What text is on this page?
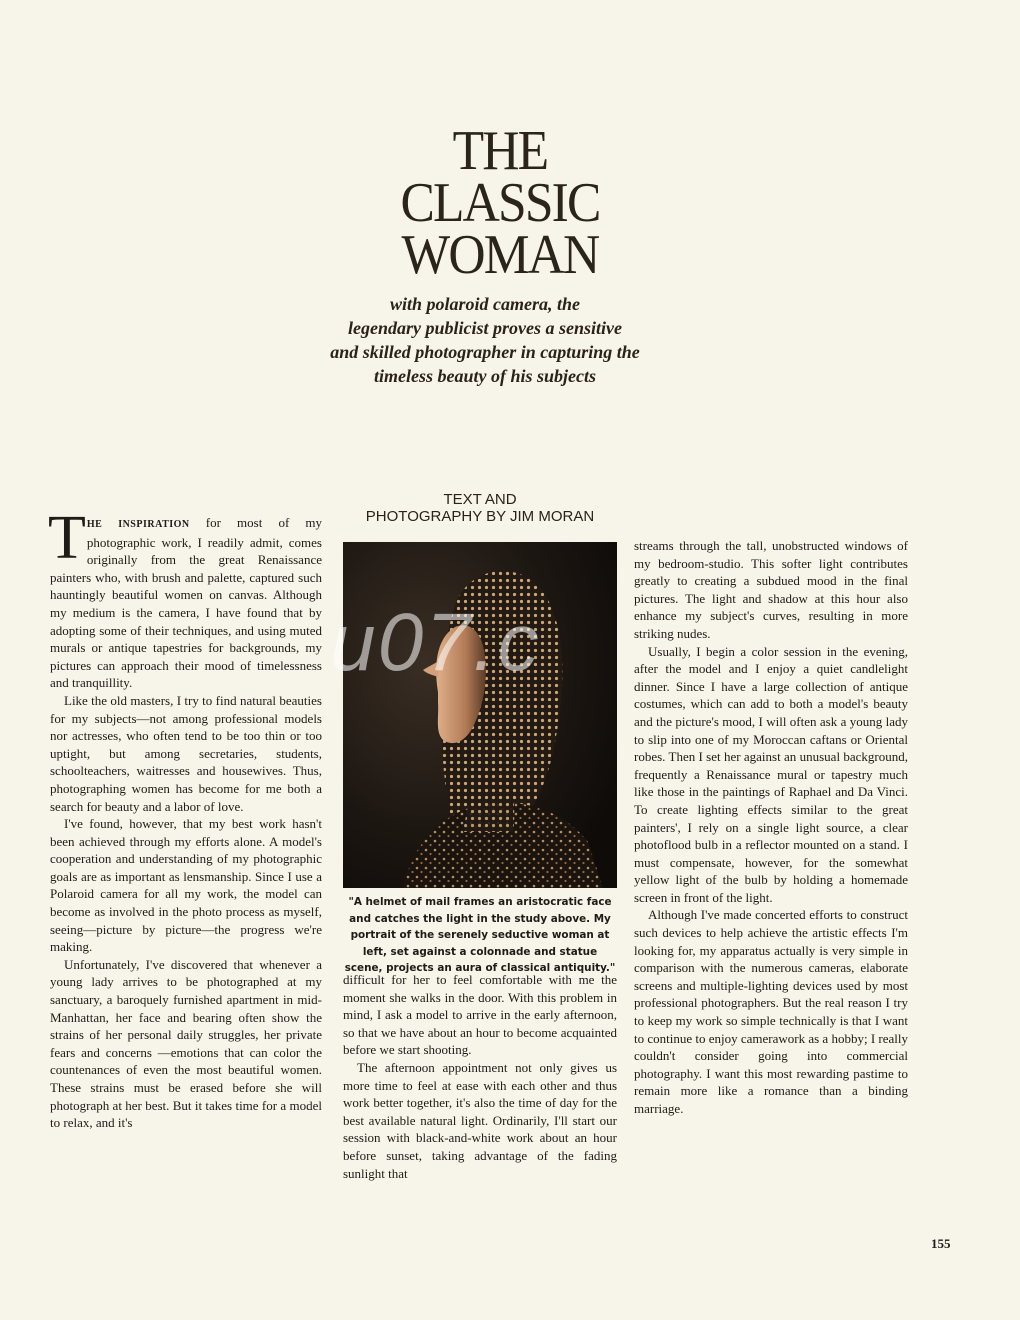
THE
CLASSIC
WOMAN
with polaroid camera, the
legendary publicist proves a sensitive
and skilled photographer in capturing the
timeless beauty of his subjects
TEXT AND
PHOTOGRAPHY BY JIM MORAN

THE INSPIRATION for most of my photographic work, I readily admit, comes originally from the great Renaissance painters who, with brush and palette, captured such hauntingly beautiful women on canvas. Although my medium is the camera, I have found that by adopting some of their techniques, and using muted murals or antique tapestries for backgrounds, my pictures can approach their mood of timelessness and tranquillity.

Like the old masters, I try to find natural beauties for my subjects—not among professional models nor actresses, who often tend to be too thin or too uptight, but among secretaries, students, schoolteachers, waitresses and housewives. Thus, photographing women has become for me both a search for beauty and a labor of love.

I've found, however, that my best work hasn't been achieved through my efforts alone. A model's cooperation and understanding of my photographic goals are as important as lensmanship. Since I use a Polaroid camera for all my work, the model can become as involved in the photo process as myself, seeing—picture by picture—the progress we're making.

Unfortunately, I've discovered that whenever a young lady arrives to be photographed at my sanctuary, a baroquely furnished apartment in mid-Manhattan, her face and bearing often show the strains of her personal daily struggles, her private fears and concerns —emotions that can color the countenances of even the most beautiful women. These strains must be erased before she will photograph at her best. But it takes time for a model to relax, and it's

u07.c
"A helmet of mail frames an aristocratic face and catches the light in the study above. My portrait of the serenely seductive woman at left, set against a colonnade and statue scene, projects an aura of classical antiquity."

difficult for her to feel comfortable with me the moment she walks in the door. With this problem in mind, I ask a model to arrive in the early afternoon, so that we have about an hour to become acquainted before we start shooting.

The afternoon appointment not only gives us more time to feel at ease with each other and thus work better together, it's also the time of day for the best available natural light. Ordinarily, I'll start our session with black-and-white work about an hour before sunset, taking advantage of the fading sunlight that

streams through the tall, unobstructed windows of my bedroom-studio. This softer light contributes greatly to creating a subdued mood in the final pictures. The light and shadow at this hour also enhance my subject's curves, resulting in more striking nudes.

Usually, I begin a color session in the evening, after the model and I enjoy a quiet candlelight dinner. Since I have a large collection of antique costumes, which can add to both a model's beauty and the picture's mood, I will often ask a young lady to slip into one of my Moroccan caftans or Oriental robes. Then I set her against an unusual background, frequently a Renaissance mural or tapestry much like those in the paintings of Raphael and Da Vinci. To create lighting effects similar to the great painters', I rely on a single light source, a clear photoflood bulb in a reflector mounted on a stand. I must compensate, however, for the somewhat yellow light of the bulb by holding a homemade screen in front of the light.

Although I've made concerted efforts to construct such devices to help achieve the artistic effects I'm looking for, my apparatus actually is very simple in comparison with the numerous cameras, elaborate screens and multiple-lighting devices used by most professional photographers. But the real reason I try to keep my work so simple technically is that I want to continue to enjoy camerawork as a hobby; I really couldn't consider going into commercial photography. I want this most rewarding pastime to remain more like a romance than a binding marriage.

155
